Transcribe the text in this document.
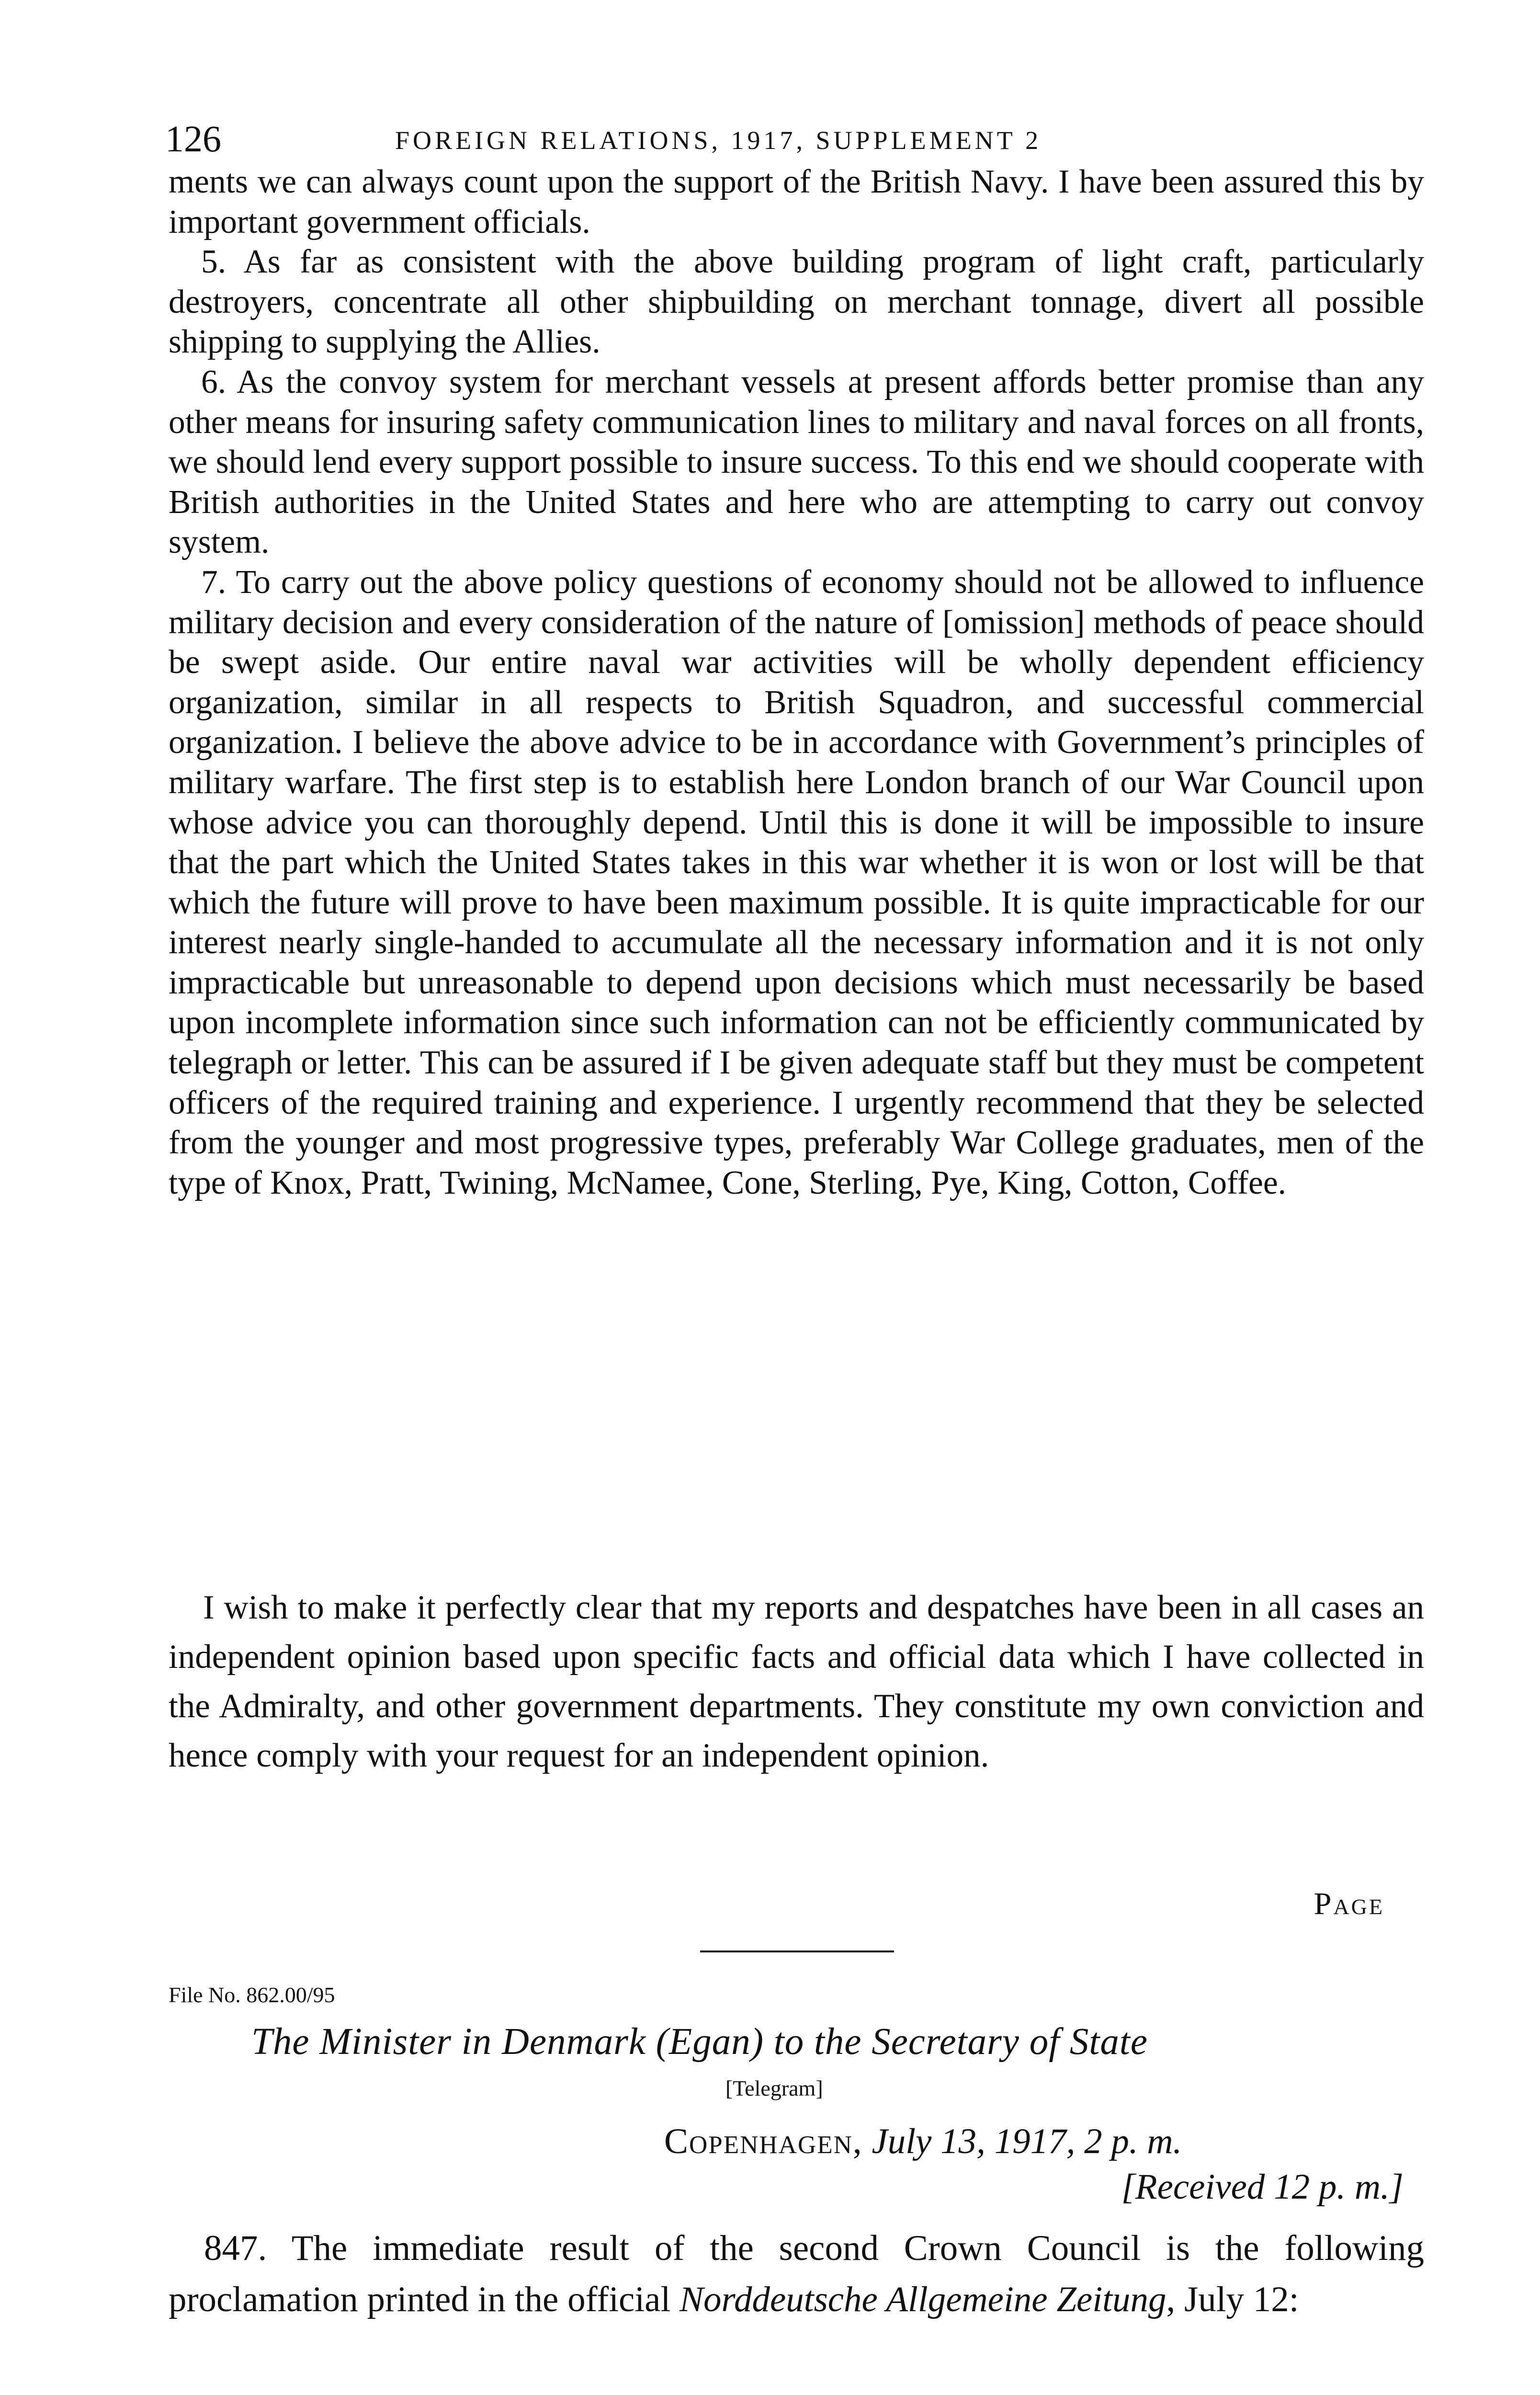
126	FOREIGN RELATIONS, 1917, SUPPLEMENT 2

ments we can always count upon the support of the British Navy. I have been assured this by important government officials.

5. As far as consistent with the above building program of light craft, particularly destroyers, concentrate all other shipbuilding on merchant tonnage, divert all possible shipping to supplying the Allies.

6. As the convoy system for merchant vessels at present affords better promise than any other means for insuring safety communication lines to military and naval forces on all fronts, we should lend every support possible to insure success. To this end we should cooperate with British authorities in the United States and here who are attempting to carry out convoy system.

7. To carry out the above policy questions of economy should not be allowed to influence military decision and every consideration of the nature of [omission] methods of peace should be swept aside. Our entire naval war activities will be wholly dependent efficiency organization, similar in all respects to British Squadron, and successful commercial organization. I believe the above advice to be in accordance with Government’s principles of military warfare. The first step is to establish here London branch of our War Council upon whose advice you can thoroughly depend. Until this is done it will be impossible to insure that the part which the United States takes in this war whether it is won or lost will be that which the future will prove to have been maximum possible. It is quite impracticable for our interest nearly single-handed to accumulate all the necessary information and it is not only impracticable but unreasonable to depend upon decisions which must necessarily be based upon incomplete information since such information can not be efficiently communicated by telegraph or letter. This can be assured if I be given adequate staff but they must be competent officers of the required training and experience. I urgently recommend that they be selected from the younger and most progressive types, preferably War College graduates, men of the type of Knox, Pratt, Twining, McNamee, Cone, Sterling, Pye, King, Cotton, Coffee.

I wish to make it perfectly clear that my reports and despatches have been in all cases an independent opinion based upon specific facts and official data which I have collected in the Admiralty, and other government departments. They constitute my own conviction and hence comply with your request for an independent opinion.

Page
File No. 862.00/95
The Minister in Denmark (Egan) to the Secretary of State
[Telegram]
Copenhagen, July 13, 1917, 2 p. m.
[Received 12 p. m.]

847. The immediate result of the second Crown Council is the following proclamation printed in the official Norddeutsche Allgemeine Zeitung, July 12:
